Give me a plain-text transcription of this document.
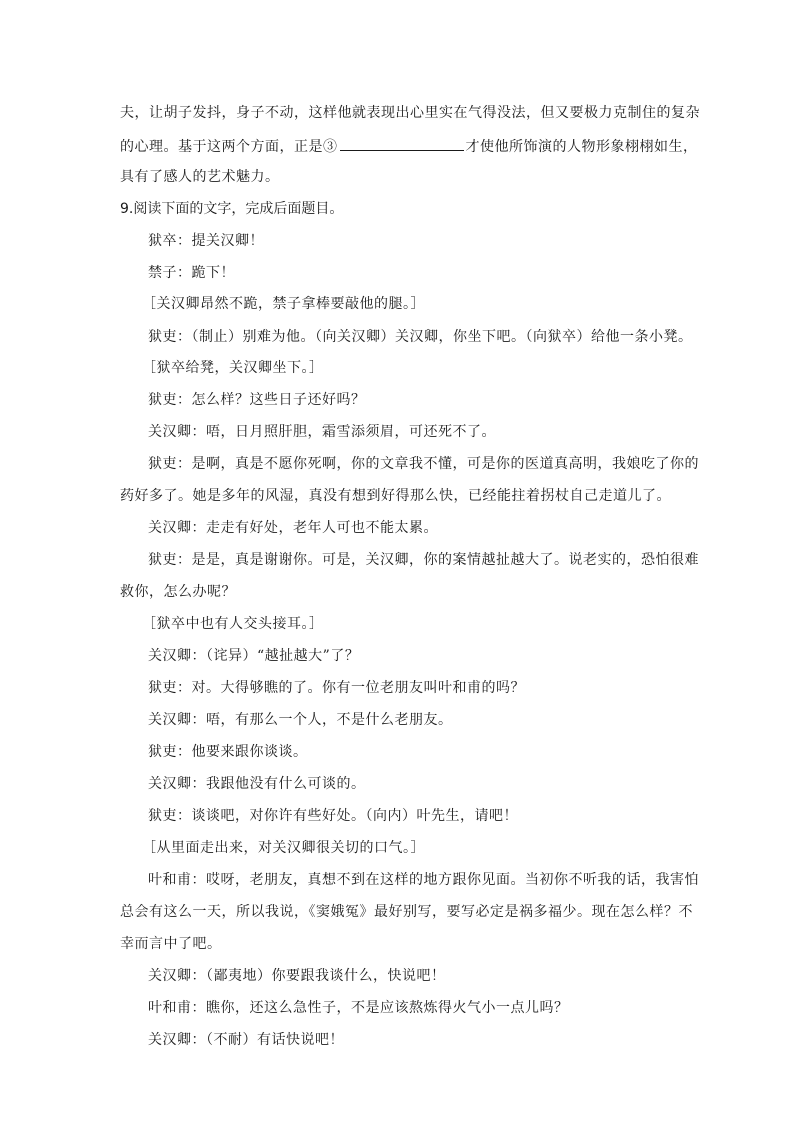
夫，让胡子发抖，身子不动，这样他就表现出心里实在气得没法，但又要极力克制住的复杂
的心理。基于这两个方面，正是③	才使他所饰演的人物形象栩栩如生，
具有了感人的艺术魅力。
9.阅读下面的文字，完成后面题目。
狱卒：提关汉卿！
禁子：跪下！
［关汉卿昂然不跪，禁子拿棒要敲他的腿。］
狱吏：（制止）别难为他。（向关汉卿）关汉卿，你坐下吧。（向狱卒）给他一条小凳。
［狱卒给凳，关汉卿坐下。］
狱吏：怎么样？这些日子还好吗？
关汉卿：唔，日月照肝胆，霜雪添须眉，可还死不了。
狱吏：是啊，真是不愿你死啊，你的文章我不懂，可是你的医道真高明，我娘吃了你的
药好多了。她是多年的风湿，真没有想到好得那么快，已经能拄着拐杖自己走道儿了。
关汉卿：走走有好处，老年人可也不能太累。
狱吏：是是，真是谢谢你。可是，关汉卿，你的案情越扯越大了。说老实的，恐怕很难
救你，怎么办呢？
［狱卒中也有人交头接耳。］
关汉卿：（诧异）“越扯越大”了？
狱吏：对。大得够瞧的了。你有一位老朋友叫叶和甫的吗？
关汉卿：唔，有那么一个人，不是什么老朋友。
狱吏：他要来跟你谈谈。
关汉卿：我跟他没有什么可谈的。
狱吏：谈谈吧，对你许有些好处。（向内）叶先生，请吧！
［从里面走出来，对关汉卿很关切的口气。］
叶和甫：哎呀，老朋友，真想不到在这样的地方跟你见面。当初你不听我的话，我害怕
总会有这么一天，所以我说，《窦娥冤》最好别写，要写必定是祸多福少。现在怎么样？不
幸而言中了吧。
关汉卿：（鄙夷地）你要跟我谈什么，快说吧！
叶和甫：瞧你，还这么急性子，不是应该熬炼得火气小一点儿吗？
关汉卿：（不耐）有话快说吧！
